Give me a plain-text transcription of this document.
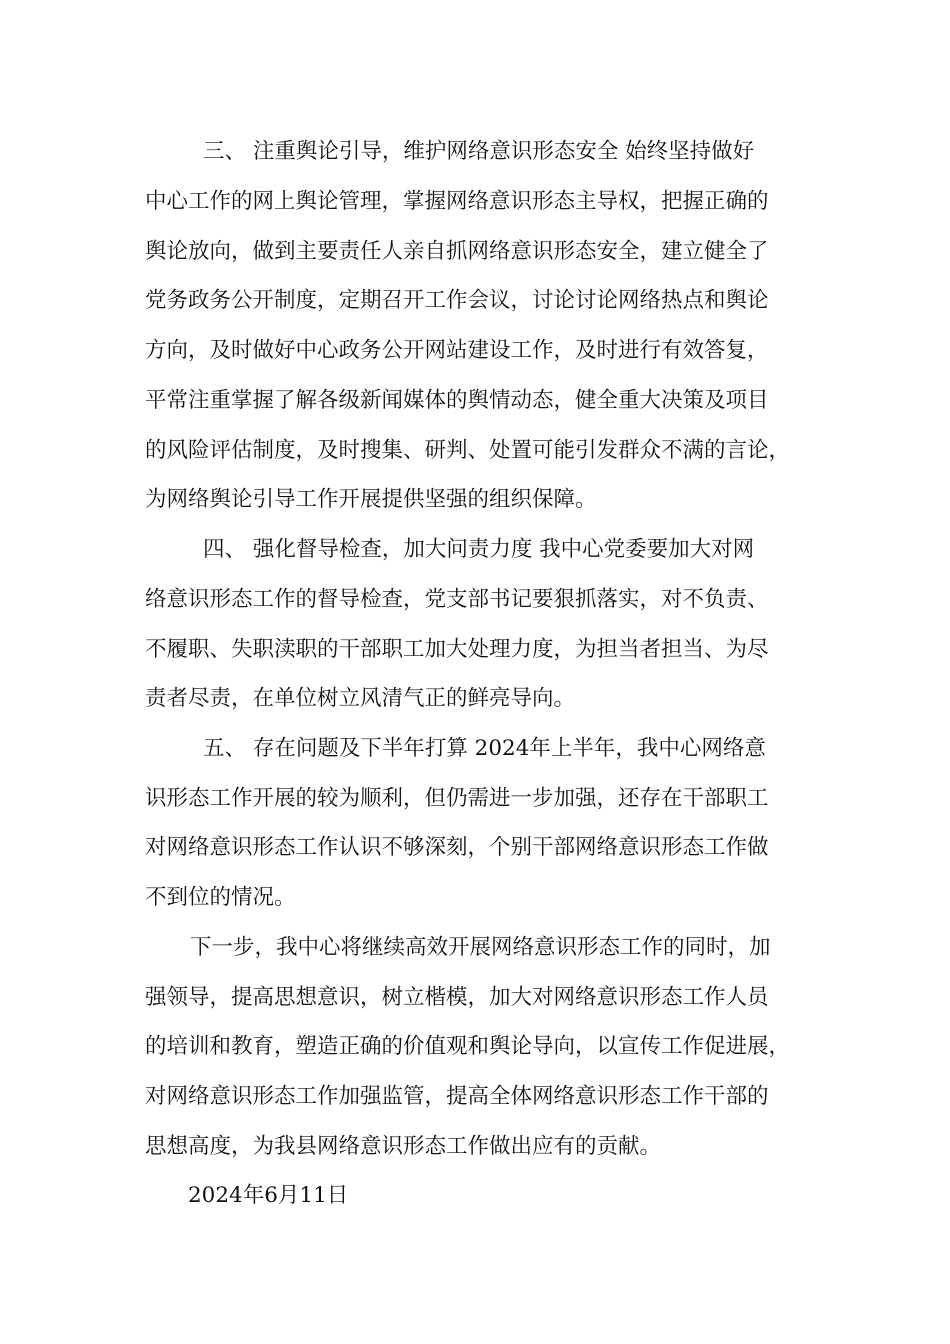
三、 注重舆论引导，维护网络意识形态安全 始终坚持做好
中心工作的网上舆论管理，掌握网络意识形态主导权，把握正确的
舆论放向，做到主要责任人亲自抓网络意识形态安全，建立健全了
党务政务公开制度，定期召开工作会议，讨论讨论网络热点和舆论
方向，及时做好中心政务公开网站建设工作，及时进行有效答复，
平常注重掌握了解各级新闻媒体的舆情动态，健全重大决策及项目
的风险评估制度，及时搜集、研判、处置可能引发群众不满的言论，
为网络舆论引导工作开展提供坚强的组织保障。
四、 强化督导检查，加大问责力度 我中心党委要加大对网
络意识形态工作的督导检查，党支部书记要狠抓落实，对不负责、
不履职、失职渎职的干部职工加大处理力度，为担当者担当、为尽
责者尽责，在单位树立风清气正的鲜亮导向。
五、 存在问题及下半年打算 2024年上半年，我中心网络意
识形态工作开展的较为顺利，但仍需进一步加强，还存在干部职工
对网络意识形态工作认识不够深刻，个别干部网络意识形态工作做
不到位的情况。
下一步，我中心将继续高效开展网络意识形态工作的同时，加
强领导，提高思想意识，树立楷模，加大对网络意识形态工作人员
的培训和教育，塑造正确的价值观和舆论导向，以宣传工作促进展，
对网络意识形态工作加强监管，提高全体网络意识形态工作干部的
思想高度，为我县网络意识形态工作做出应有的贡献。
2024年6月11日
